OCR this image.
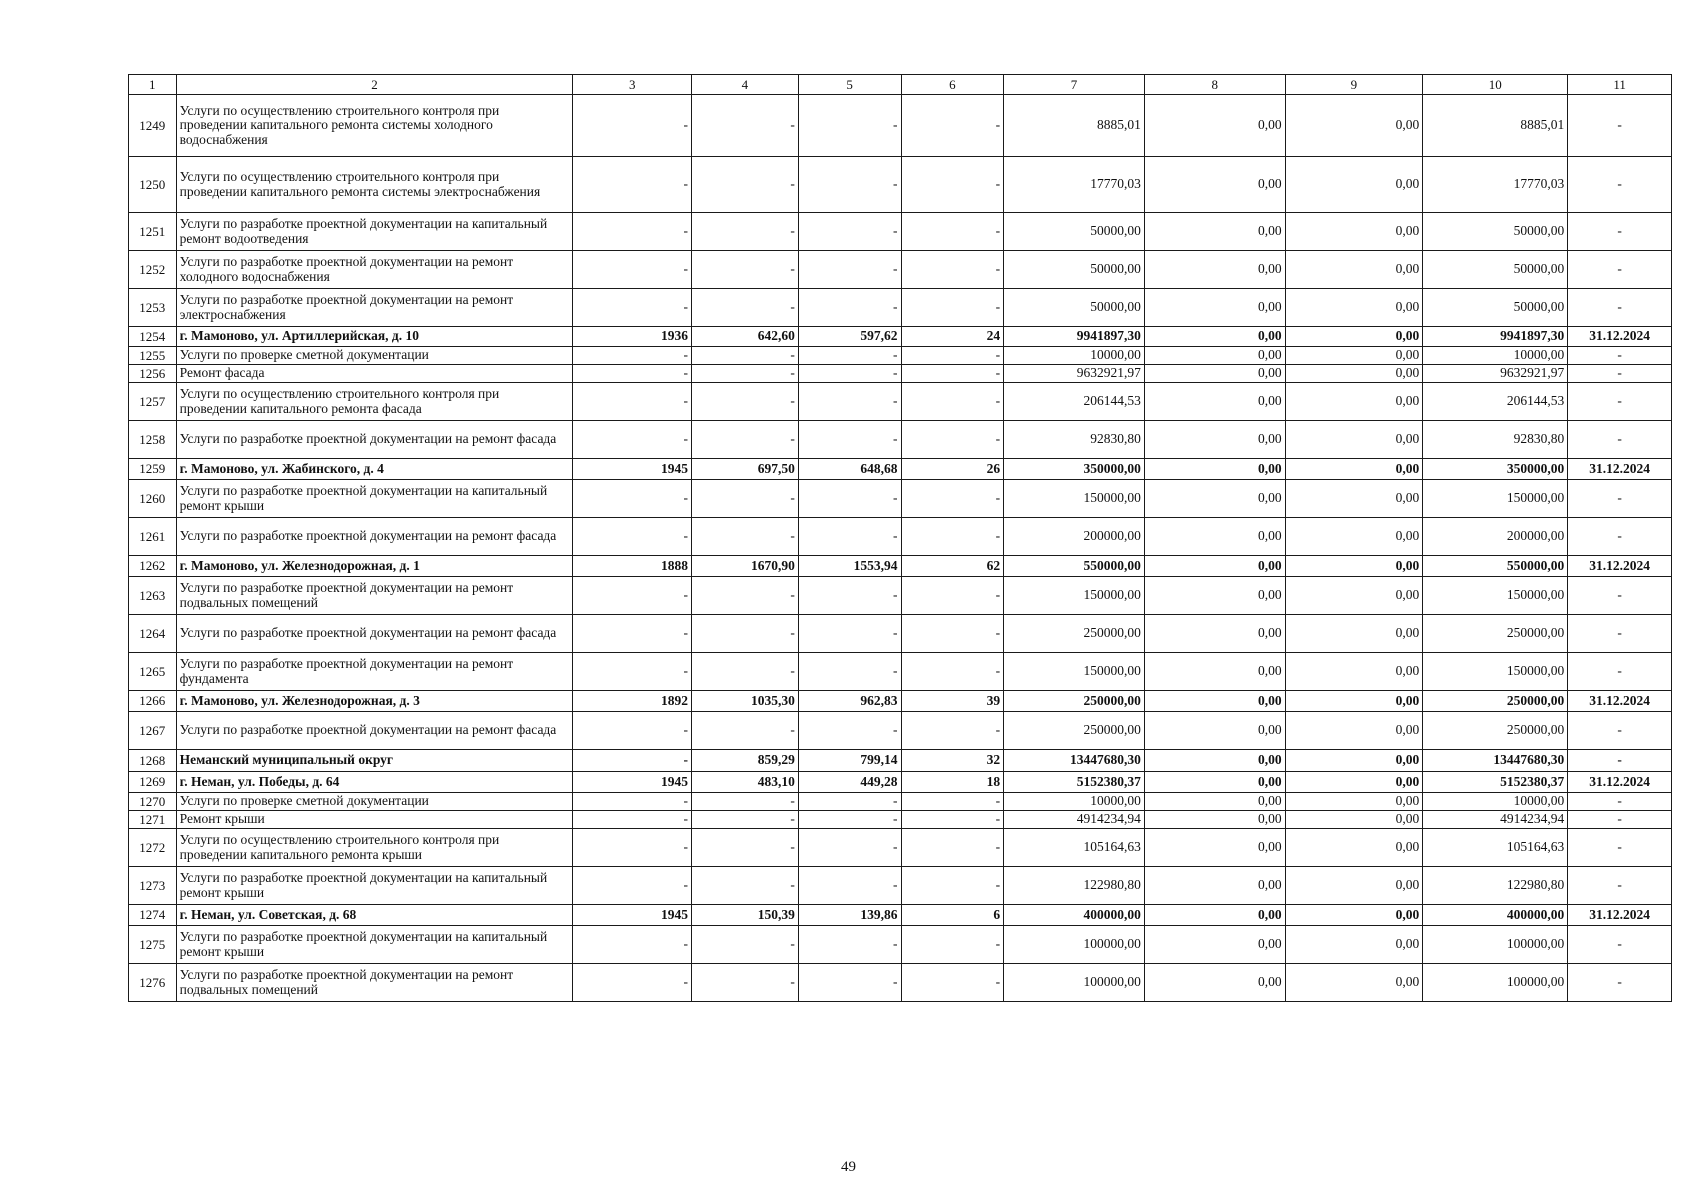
1	2	3	4	5	6	7	8	9	10	11
1249	Услуги по осуществлению строительного контроля при проведении капитального ремонта системы холодного водоснабжения	-	-	-	-	8885,01	0,00	0,00	8885,01	-
1250	Услуги по осуществлению строительного контроля при проведении капитального ремонта системы электроснабжения	-	-	-	-	17770,03	0,00	0,00	17770,03	-
1251	Услуги по разработке проектной документации на капитальный ремонт водоотведения	-	-	-	-	50000,00	0,00	0,00	50000,00	-
1252	Услуги по разработке проектной документации на ремонт холодного водоснабжения	-	-	-	-	50000,00	0,00	0,00	50000,00	-
1253	Услуги по разработке проектной документации на ремонт электроснабжения	-	-	-	-	50000,00	0,00	0,00	50000,00	-
1254	г. Мамоново, ул. Артиллерийская, д. 10	1936	642,60	597,62	24	9941897,30	0,00	0,00	9941897,30	31.12.2024
1255	Услуги по проверке сметной документации	-	-	-	-	10000,00	0,00	0,00	10000,00	-
1256	Ремонт фасада	-	-	-	-	9632921,97	0,00	0,00	9632921,97	-
1257	Услуги по осуществлению строительного контроля при проведении капитального ремонта фасада	-	-	-	-	206144,53	0,00	0,00	206144,53	-
1258	Услуги по разработке проектной документации на ремонт фасада	-	-	-	-	92830,80	0,00	0,00	92830,80	-
1259	г. Мамоново, ул. Жабинского, д. 4	1945	697,50	648,68	26	350000,00	0,00	0,00	350000,00	31.12.2024
1260	Услуги по разработке проектной документации на капитальный ремонт крыши	-	-	-	-	150000,00	0,00	0,00	150000,00	-
1261	Услуги по разработке проектной документации на ремонт фасада	-	-	-	-	200000,00	0,00	0,00	200000,00	-
1262	г. Мамоново, ул. Железнодорожная, д. 1	1888	1670,90	1553,94	62	550000,00	0,00	0,00	550000,00	31.12.2024
1263	Услуги по разработке проектной документации на ремонт подвальных помещений	-	-	-	-	150000,00	0,00	0,00	150000,00	-
1264	Услуги по разработке проектной документации на ремонт фасада	-	-	-	-	250000,00	0,00	0,00	250000,00	-
1265	Услуги по разработке проектной документации на ремонт фундамента	-	-	-	-	150000,00	0,00	0,00	150000,00	-
1266	г. Мамоново, ул. Железнодорожная, д. 3	1892	1035,30	962,83	39	250000,00	0,00	0,00	250000,00	31.12.2024
1267	Услуги по разработке проектной документации на ремонт фасада	-	-	-	-	250000,00	0,00	0,00	250000,00	-
1268	Неманский муниципальный округ	-	859,29	799,14	32	13447680,30	0,00	0,00	13447680,30	-
1269	г. Неман, ул. Победы, д. 64	1945	483,10	449,28	18	5152380,37	0,00	0,00	5152380,37	31.12.2024
1270	Услуги по проверке сметной документации	-	-	-	-	10000,00	0,00	0,00	10000,00	-
1271	Ремонт крыши	-	-	-	-	4914234,94	0,00	0,00	4914234,94	-
1272	Услуги по осуществлению строительного контроля при проведении капитального ремонта крыши	-	-	-	-	105164,63	0,00	0,00	105164,63	-
1273	Услуги по разработке проектной документации на капитальный ремонт крыши	-	-	-	-	122980,80	0,00	0,00	122980,80	-
1274	г. Неман, ул. Советская, д. 68	1945	150,39	139,86	6	400000,00	0,00	0,00	400000,00	31.12.2024
1275	Услуги по разработке проектной документации на капитальный ремонт крыши	-	-	-	-	100000,00	0,00	0,00	100000,00	-
1276	Услуги по разработке проектной документации на ремонт подвальных помещений	-	-	-	-	100000,00	0,00	0,00	100000,00	-
49
